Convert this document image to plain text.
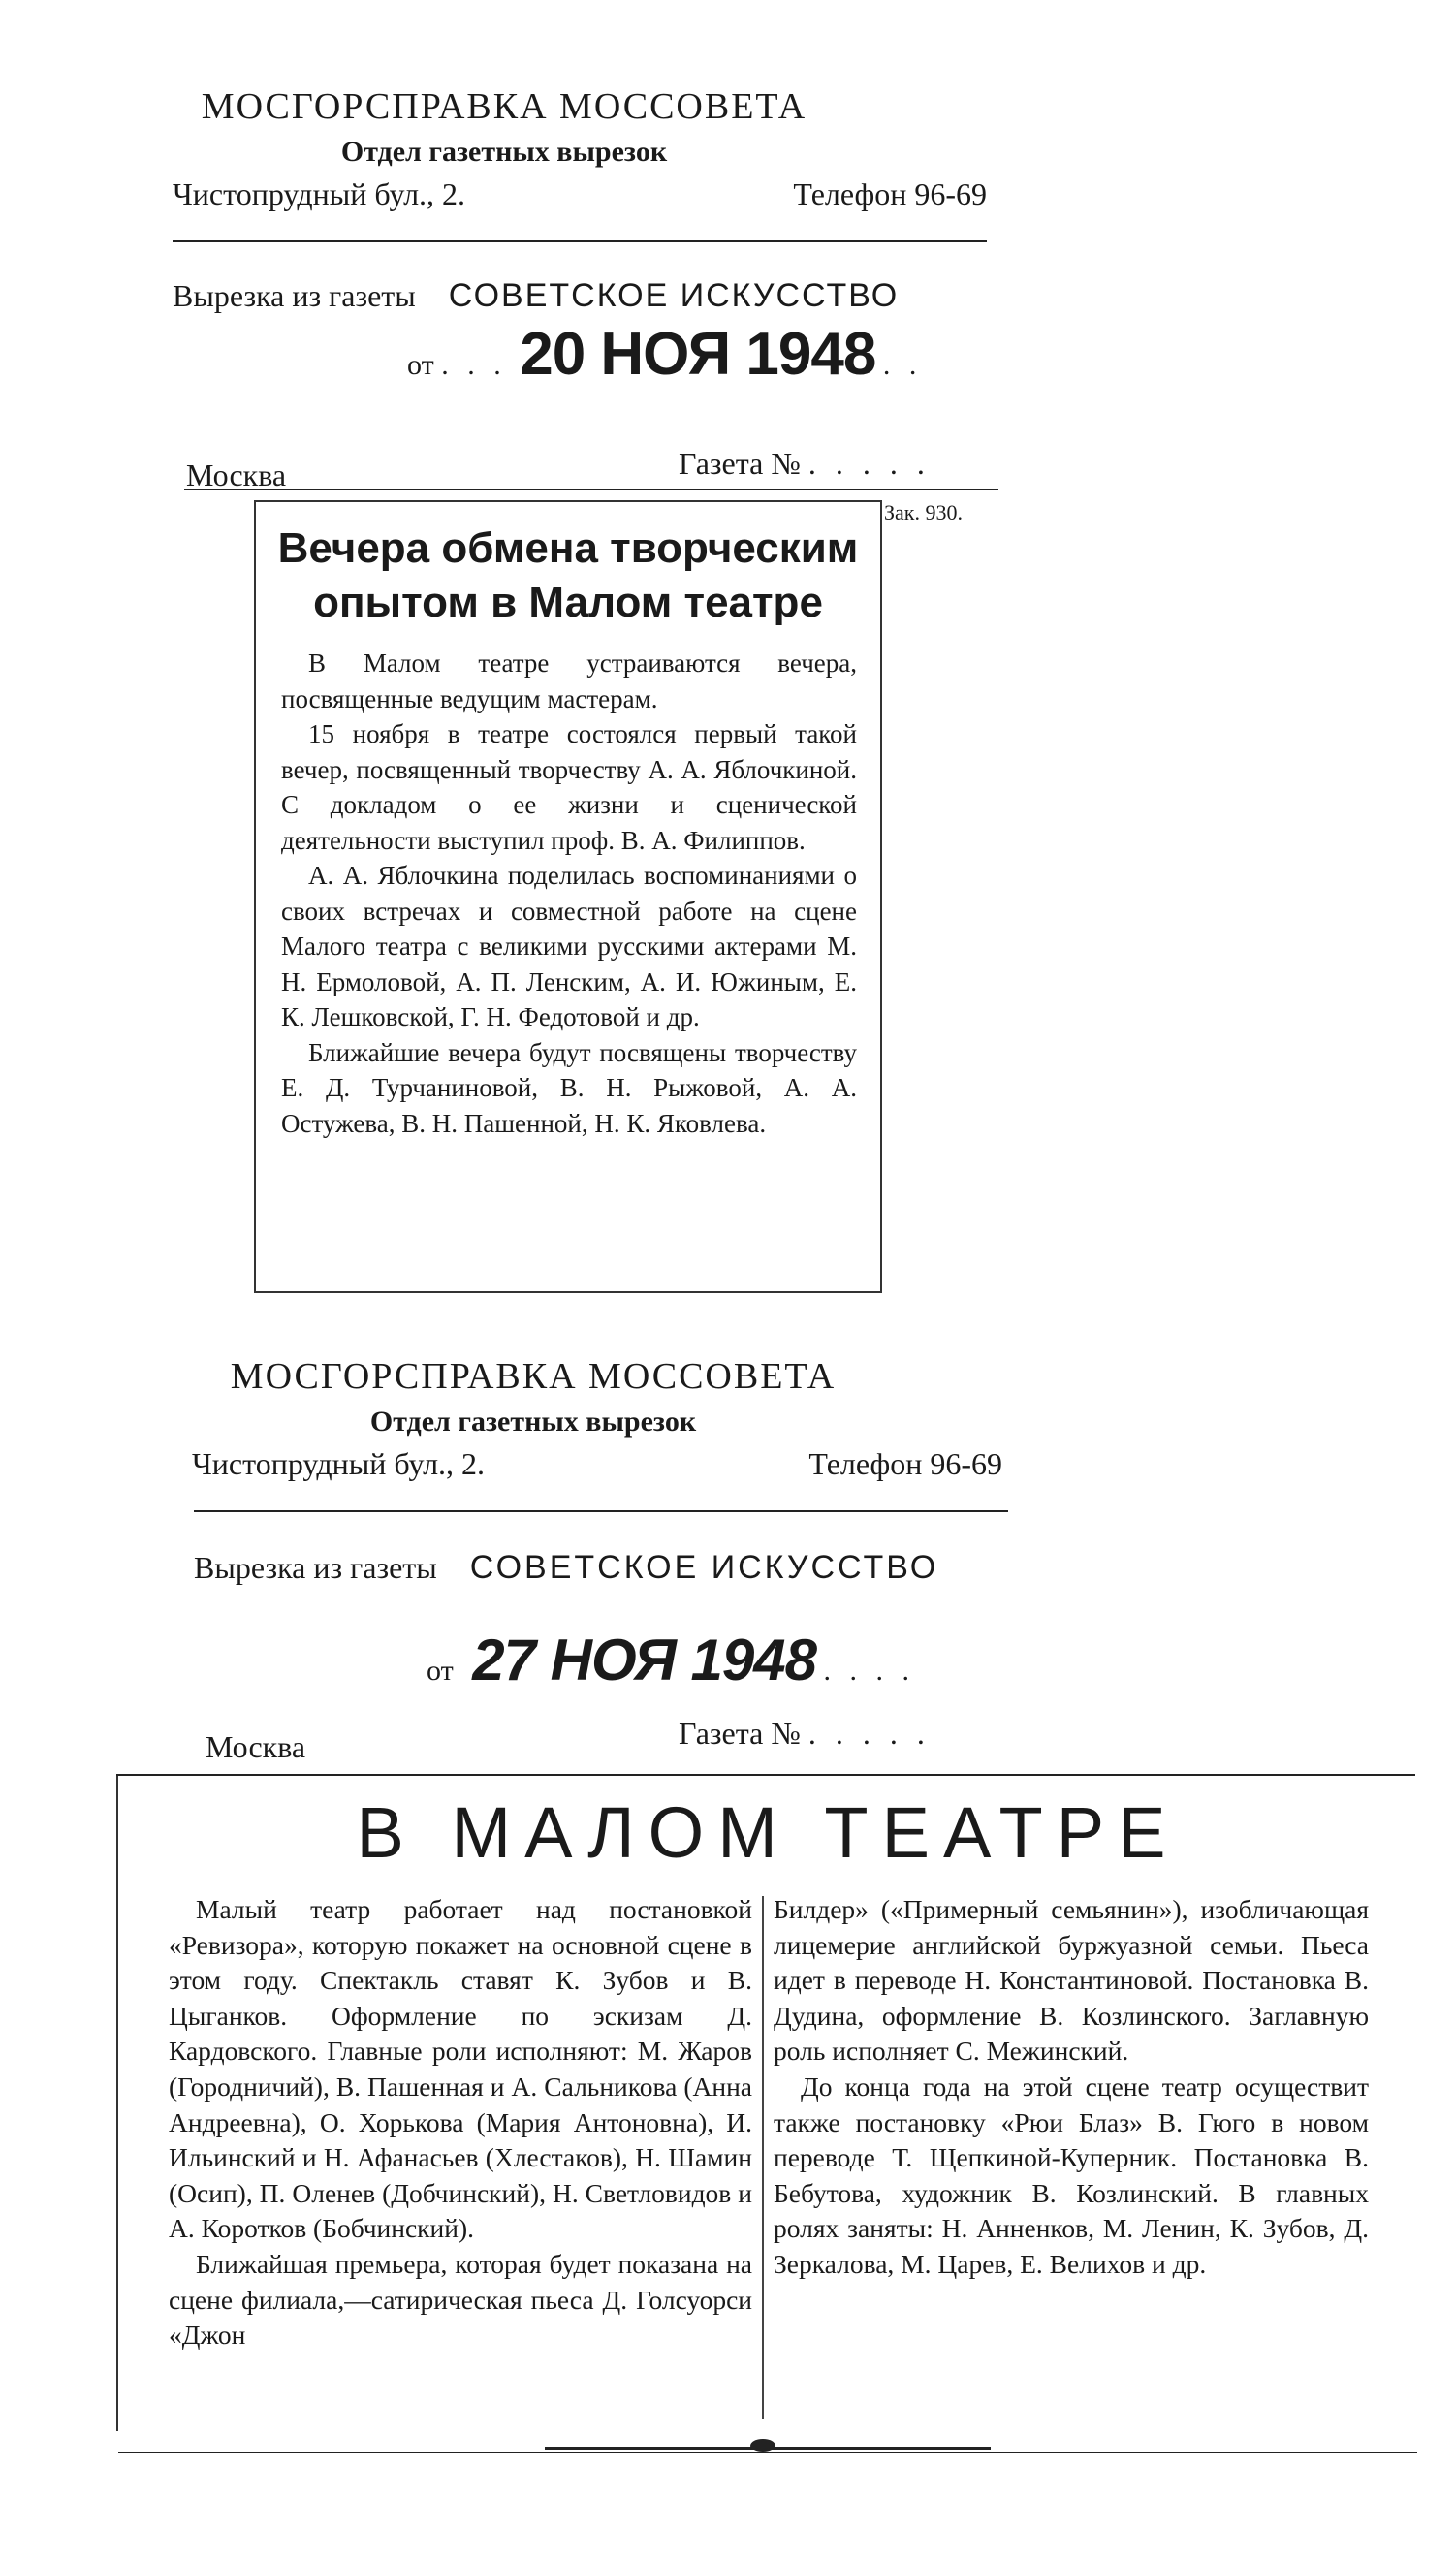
МОСГОРСПРАВКА МОССОВЕТА
Отдел газетных вырезок
Чистопрудный бул., 2.	Телефон 96-69
Вырезка из газеты СОВЕТСКОЕ ИСКУССТВО
от . . . 20 НОЯ 1948 . .
Москва	Газета № . . . . .
Зак. 930.
Вечера обмена творческим
опытом в Малом театре

В Малом театре устраиваются вечера, посвященные ведущим мастерам.

15 ноября в театре состоялся первый такой вечер, посвященный творчеству А. А. Яблочкиной. С докладом о ее жизни и сценической деятельности выступил проф. В. А. Филиппов.

А. А. Яблочкина поделилась воспоминаниями о своих встречах и совместной работе на сцене Малого театра с великими русскими актерами М. Н. Ермоловой, А. П. Ленским, А. И. Южиным, Е. К. Лешковской, Г. Н. Федотовой и др.

Ближайшие вечера будут посвящены творчеству Е. Д. Турчаниновой, В. Н. Рыжовой, А. А. Остужева, В. Н. Пашенной, Н. К. Яковлева.

МОСГОРСПРАВКА МОССОВЕТА
Отдел газетных вырезок
Чистопрудный бул., 2.	Телефон 96-69
Вырезка из газеты СОВЕТСКОЕ ИСКУССТВО
от 27 НОЯ 1948 . . . .
Москва	Газета № . . . . .
В МАЛОМ ТЕАТРЕ

Малый театр работает над постановкой «Ревизора», которую покажет на основной сцене в этом году. Спектакль ставят К. Зубов и В. Цыганков. Оформление по эскизам Д. Кардовского. Главные роли исполняют: М. Жаров (Городничий), В. Пашенная и А. Сальникова (Анна Андреевна), О. Хорькова (Мария Антоновна), И. Ильинский и Н. Афанасьев (Хлестаков), Н. Шамин (Осип), П. Оленев (Добчинский), Н. Светловидов и А. Коротков (Бобчинский).

Ближайшая премьера, которая будет показана на сцене филиала,—сатирическая пьеса Д. Голсуорси «Джон

Билдер» («Примерный семьянин»), изобличающая лицемерие английской буржуазной семьи. Пьеса идет в переводе Н. Константиновой. Постановка В. Дудина, оформление В. Козлинского. Заглавную роль исполняет С. Межинский.

До конца года на этой сцене театр осуществит также постановку «Рюи Блаз» В. Гюго в новом переводе Т. Щепкиной-Куперник. Постановка В. Бебутова, художник В. Козлинский. В главных ролях заняты: Н. Анненков, М. Ленин, К. Зубов, Д. Зеркалова, М. Царев, Е. Велихов и др.
